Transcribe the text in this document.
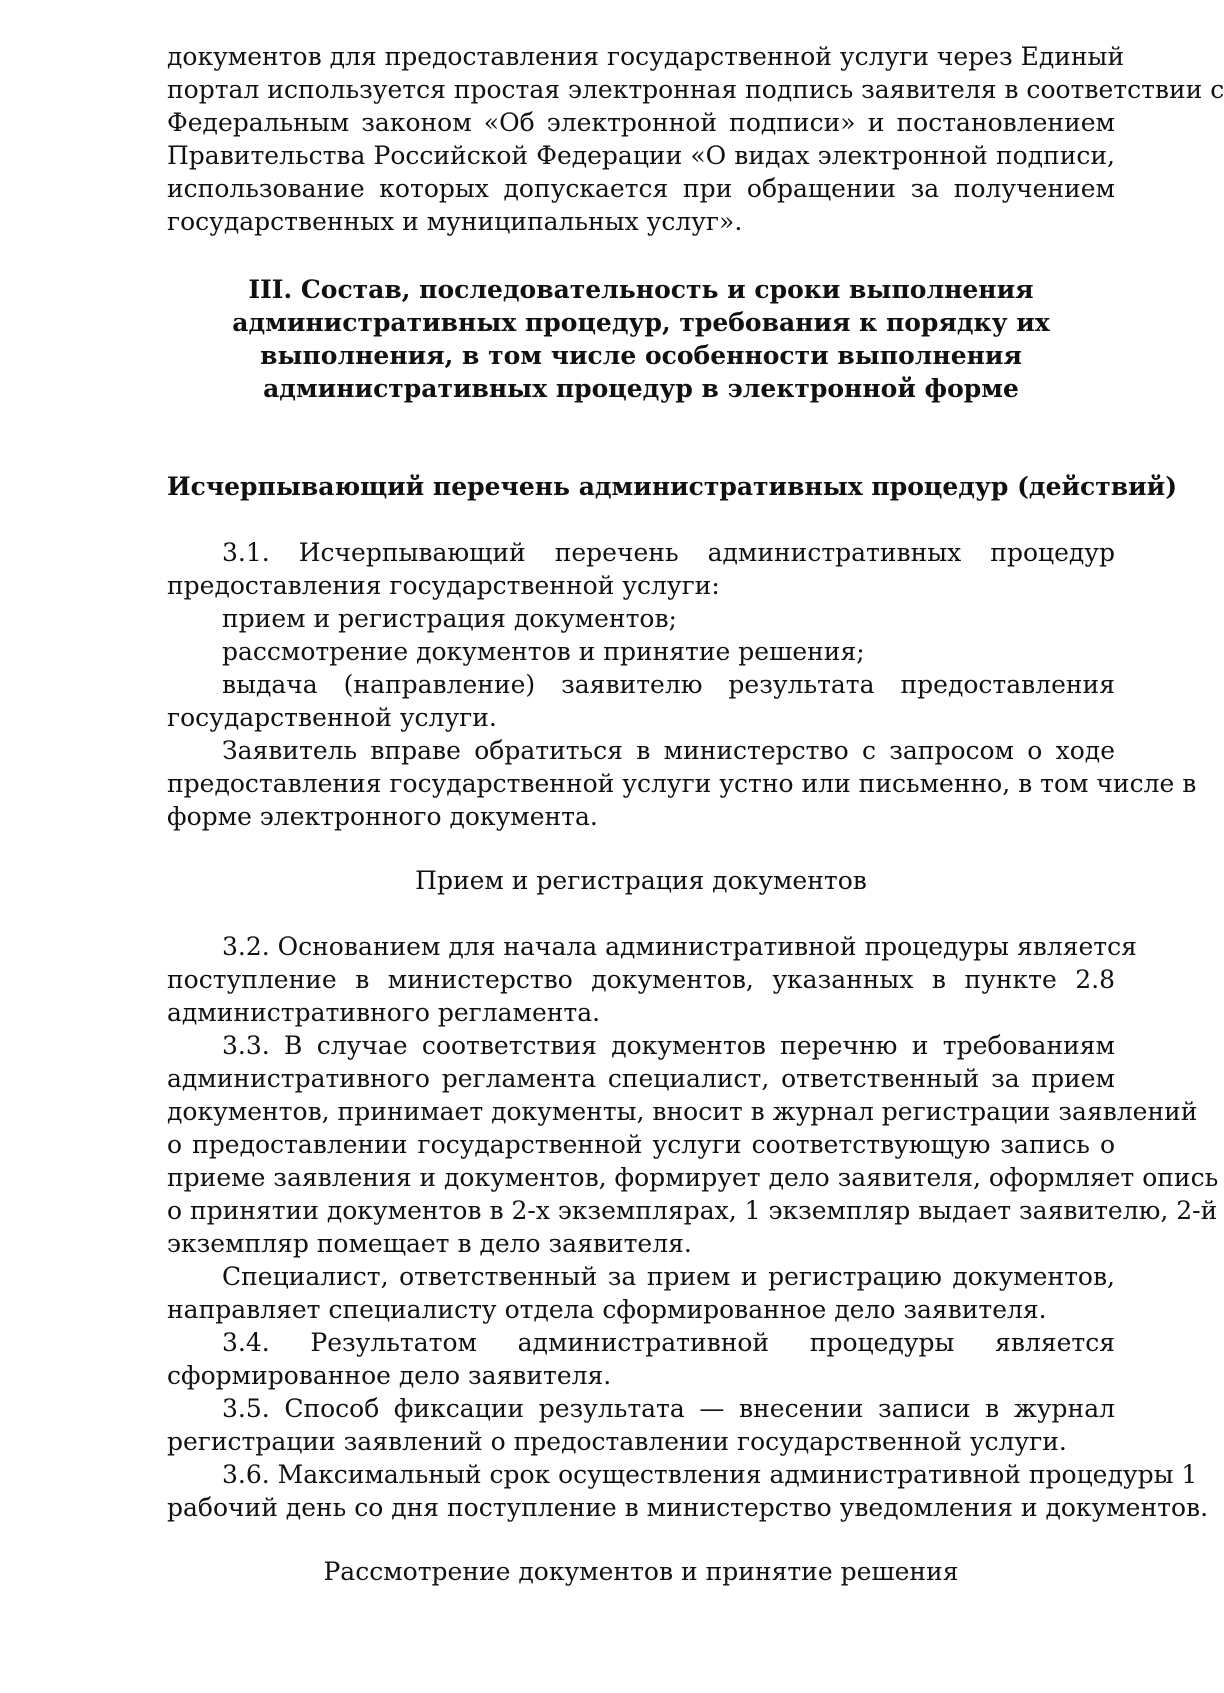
документов для предоставления государственной услуги через Единый
портал используется простая электронная подпись заявителя в соответствии с
Федеральным законом «Об электронной подписи» и постановлением
Правительства Российской Федерации «О видах электронной подписи,
использование которых допускается при обращении за получением
государственных и муниципальных услуг».
III. Состав, последовательность и сроки выполнения
административных процедур, требования к порядку их
выполнения, в том числе особенности выполнения
административных процедур в электронной форме
Исчерпывающий перечень административных процедур (действий)
3.1. Исчерпывающий перечень административных процедур
предоставления государственной услуги:
прием и регистрация документов;
рассмотрение документов и принятие решения;
выдача (направление) заявителю результата предоставления
государственной услуги.
Заявитель вправе обратиться в министерство с запросом о ходе
предоставления государственной услуги устно или письменно, в том числе в
форме электронного документа.
Прием и регистрация документов
3.2. Основанием для начала административной процедуры является
поступление в министерство документов, указанных в пункте 2.8
административного регламента.
3.3. В случае соответствия документов перечню и требованиям
административного регламента специалист, ответственный за прием
документов, принимает документы, вносит в журнал регистрации заявлений
о предоставлении государственной услуги соответствующую запись о
приеме заявления и документов, формирует дело заявителя, оформляет опись
о принятии документов в 2-х экземплярах, 1 экземпляр выдает заявителю, 2-й
экземпляр помещает в дело заявителя.
Специалист, ответственный за прием и регистрацию документов,
направляет специалисту отдела сформированное дело заявителя.
3.4. Результатом административной процедуры является
сформированное дело заявителя.
3.5. Способ фиксации результата — внесении записи в журнал
регистрации заявлений о предоставлении государственной услуги.
3.6. Максимальный срок осуществления административной процедуры 1
рабочий день со дня поступление в министерство уведомления и документов.
Рассмотрение документов и принятие решения
